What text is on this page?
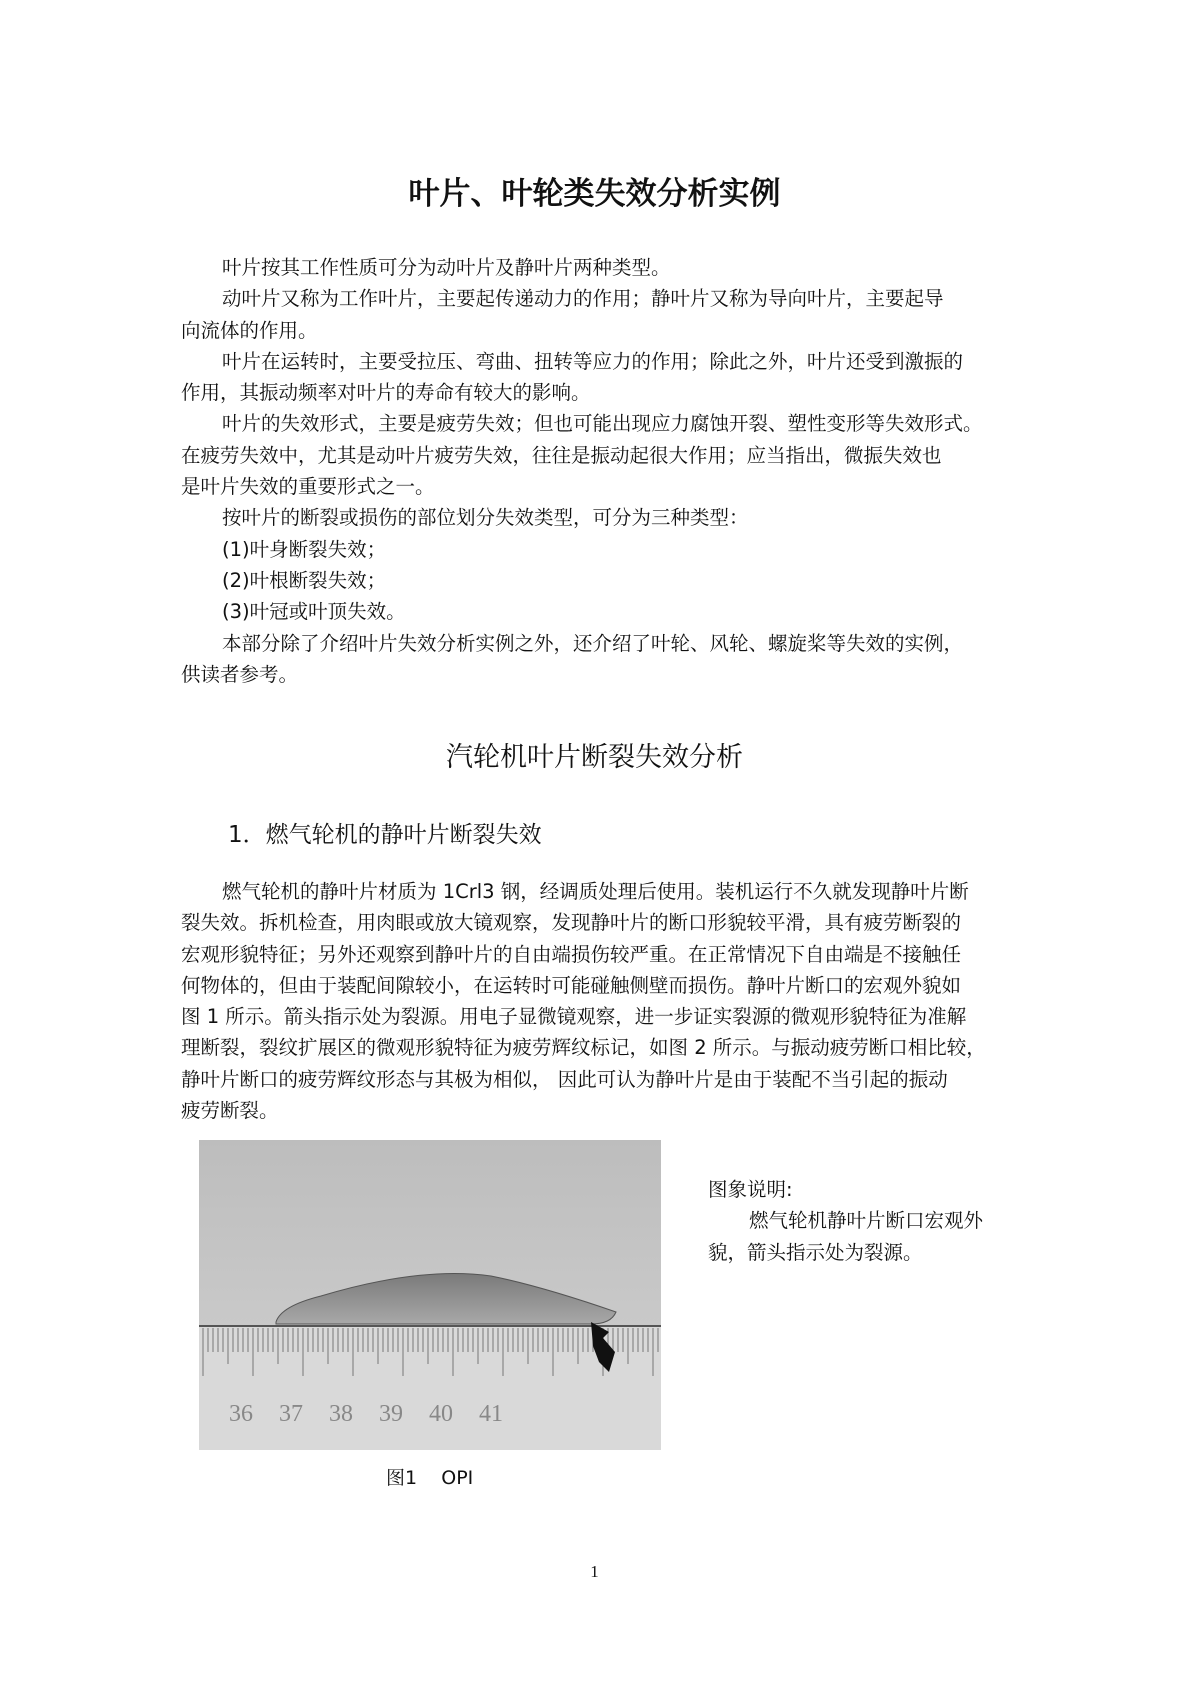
叶片、叶轮类失效分析实例
叶片按其工作性质可分为动叶片及静叶片两种类型。
动叶片又称为工作叶片，主要起传递动力的作用；静叶片又称为导向叶片，主要起导
向流体的作用。
叶片在运转时，主要受拉压、弯曲、扭转等应力的作用；除此之外，叶片还受到激振的
作用，其振动频率对叶片的寿命有较大的影响。
叶片的失效形式，主要是疲劳失效；但也可能出现应力腐蚀开裂、塑性变形等失效形式。
在疲劳失效中，尤其是动叶片疲劳失效，往往是振动起很大作用；应当指出，微振失效也
是叶片失效的重要形式之一。
按叶片的断裂或损伤的部位划分失效类型，可分为三种类型：
(1)叶身断裂失效；
(2)叶根断裂失效；
(3)叶冠或叶顶失效。
本部分除了介绍叶片失效分析实例之外，还介绍了叶轮、风轮、螺旋桨等失效的实例，
供读者参考。
汽轮机叶片断裂失效分析
1．燃气轮机的静叶片断裂失效
燃气轮机的静叶片材质为 1Crl3 钢，经调质处理后使用。装机运行不久就发现静叶片断
裂失效。拆机检查，用肉眼或放大镜观察，发现静叶片的断口形貌较平滑，具有疲劳断裂的
宏观形貌特征；另外还观察到静叶片的自由端损伤较严重。在正常情况下自由端是不接触任
何物体的，但由于装配间隙较小，在运转时可能碰触侧壁而损伤。静叶片断口的宏观外貌如
图 1 所示。箭头指示处为裂源。用电子显微镜观察，进一步证实裂源的微观形貌特征为准解
理断裂，裂纹扩展区的微观形貌特征为疲劳辉纹标记，如图 2 所示。与振动疲劳断口相比较，
静叶片断口的疲劳辉纹形态与其极为相似， 因此可认为静叶片是由于装配不当引起的振动
疲劳断裂。
36 37 38 39 40 41
图象说明:
燃气轮机静叶片断口宏观外
貌，箭头指示处为裂源。
图1    OPI
1
